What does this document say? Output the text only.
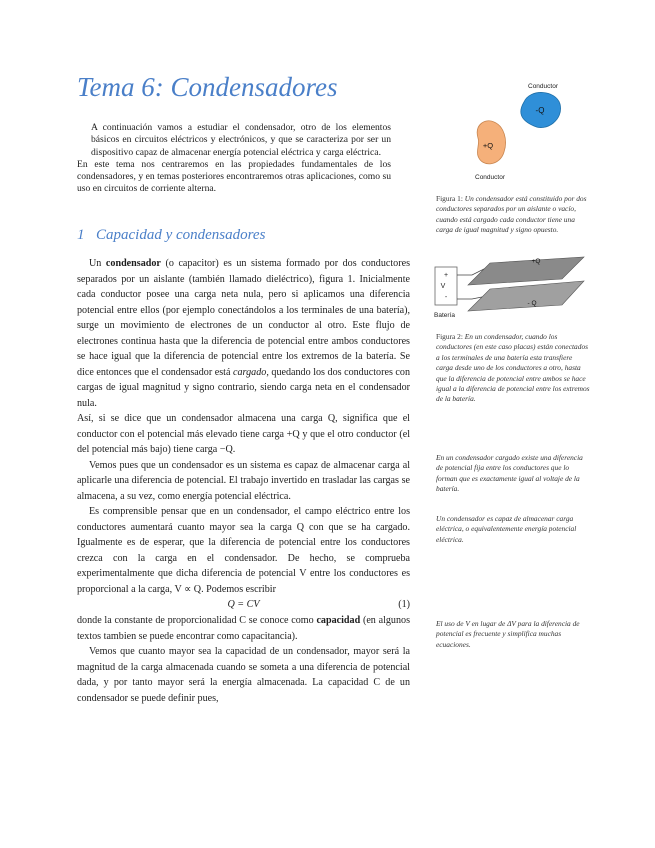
Tema 6: Condensadores

A continuación vamos a estudiar el condensador, otro de los elementos básicos en circuitos eléctricos y electrónicos, y que se caracteriza por ser un dispositivo capaz de almacenar energía potencial eléctrica y carga eléctrica.

En este tema nos centraremos en las propiedades fundamentales de los condensadores, y en temas posteriores encontraremos otras aplicaciones, como su uso en circuitos de corriente alterna.

1 Capacidad y condensadores

Un condensador (o capacitor) es un sistema formado por dos conductores separados por un aislante (también llamado dieléctrico), figura 1. Inicialmente cada conductor posee una carga neta nula, pero si aplicamos una diferencia potencial entre ellos (por ejemplo conectándolos a los terminales de una batería), surge un movimiento de electrones de un conductor al otro. Este flujo de electrones continua hasta que la diferencia de potencial entre ambos conductores se hace igual que la diferencia de potencial entre los extremos de la batería. Se dice entonces que el condensador está cargado, quedando los dos conductores con cargas de igual magnitud y signo contrario, siendo carga neta en el condensador nula.

Así, si se dice que un condensador almacena una carga Q, significa que el conductor con el potencial más elevado tiene carga +Q y que el otro conductor (el del potencial más bajo) tiene carga −Q.

Vemos pues que un condensador es un sistema es capaz de almacenar carga al aplicarle una diferencia de potencial. El trabajo invertido en trasladar las cargas se almacena, a su vez, como energía potencial eléctrica.

Es comprensible pensar que en un condensador, el campo eléctrico entre los conductores aumentará cuanto mayor sea la carga Q con que se ha cargado. Igualmente es de esperar, que la diferencia de potencial entre los conductores crezca con la carga en el condensador. De hecho, se comprueba experimentalmente que dicha diferencia de potencial V entre los conductores es proporcional a la carga, V ∝ Q. Podemos escribir

Q = CV	(1)

donde la constante de proporcionalidad C se conoce como capacidad (en algunos textos tambien se puede encontrar como capacitancia).

Vemos que cuanto mayor sea la capacidad de un condensador, mayor será la magnitud de la carga almacenada cuando se someta a una diferencia de potencial dada, y por tanto mayor será la energía almacenada. La capacidad C de un condensador se puede definir pues,

Conductor
-Q
+Q
Conductor
Figura 1: Un condensador está constituido por dos conductores separados por un aislante o vacío, cuando está cargado cada conductor tiene una carga de igual magnitud y signo opuesto.
+
V
-
+Q
- Q
Batería
Figura 2: En un condensador, cuando los conductores (en este caso placas) están conectados a los terminales de una batería esta transfiere carga desde uno de los conductores a otro, hasta que la diferencia de potencial entre ambos se hace igual a la diferencia de potencial entre los extremos de la batería.
En un condensador cargado existe una diferencia de potencial fija entre los conductores que lo forman que es exactamente igual al voltaje de la batería.
Un condensador es capaz de almacenar carga eléctrica, o equivalentemente energía potencial eléctrica.
El uso de V en lugar de ΔV para la diferencia de potencial es frecuente y simplifica muchas ecuaciones.
